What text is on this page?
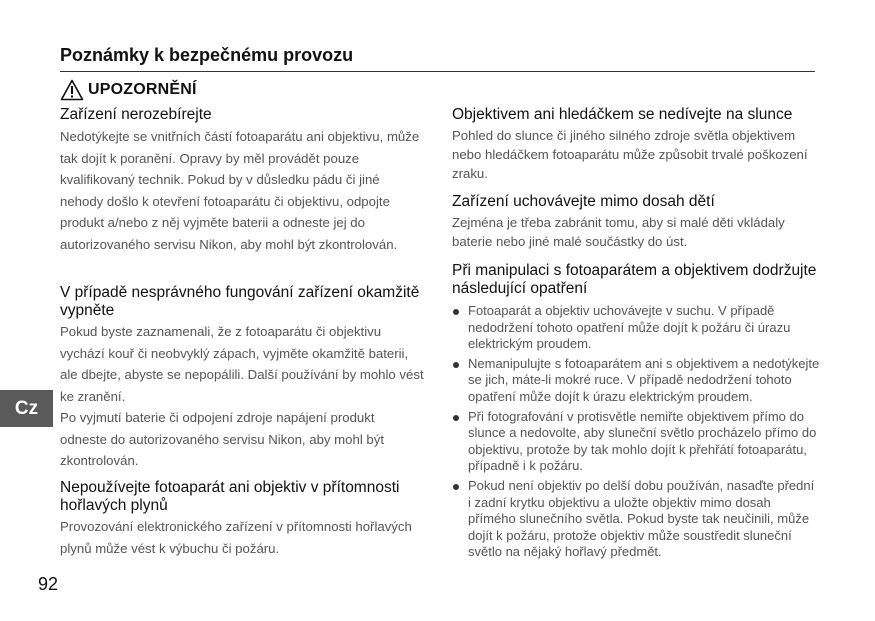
Poznámky k bezpečnému provozu
UPOZORNĚNÍ

Zařízení nerozebírejte

Nedotýkejte se vnitřních částí fotoaparátu ani objektivu, může tak dojít k poranění. Opravy by měl provádět pouze kvalifikovaný technik. Pokud by v důsledku pádu či jiné nehody došlo k otevření fotoaparátu či objektivu, odpojte produkt a/nebo z něj vyjměte baterii a odneste jej do autorizovaného servisu Nikon, aby mohl být zkontrolován.

V případě nesprávného fungování zařízení okamžitě vypněte

Pokud byste zaznamenali, že z fotoaparátu či objektivu vychází kouř či neobvyklý zápach, vyjměte okamžitě baterii, ale dbejte, abyste se nepopálili. Další používání by mohlo vést ke zranění.

Po vyjmutí baterie či odpojení zdroje napájení produkt odneste do autorizovaného servisu Nikon, aby mohl být zkontrolován.

Nepoužívejte fotoaparát ani objektiv v přítomnosti hořlavých plynů

Provozování elektronického zařízení v přítomnosti hořlavých plynů může vést k výbuchu či požáru.

Objektivem ani hledáčkem se nedívejte na slunce

Pohled do slunce či jiného silného zdroje světla objektivem nebo hledáčkem fotoaparátu může způsobit trvalé poškození zraku.

Zařízení uchovávejte mimo dosah dětí

Zejména je třeba zabránit tomu, aby si malé děti vkládaly baterie nebo jiné malé součástky do úst.

Při manipulaci s fotoaparátem a objektivem dodržujte následující opatření

Fotoaparát a objektiv uchovávejte v suchu. V případě nedodržení tohoto opatření může dojít k požáru či úrazu elektrickým proudem.
Nemanipulujte s fotoaparátem ani s objektivem a nedotýkejte se jich, máte-li mokré ruce. V případě nedodržení tohoto opatření může dojít k úrazu elektrickým proudem.
Při fotografování v protisvětle nemiřte objektivem přímo do slunce a nedovolte, aby sluneční světlo procházelo přímo do objektivu, protože by tak mohlo dojít k přehřátí fotoaparátu, případně i k požáru.
Pokud není objektiv po delší dobu používán, nasaďte přední i zadní krytku objektivu a uložte objektiv mimo dosah přímého slunečního světla. Pokud byste tak neučinili, může dojít k požáru, protože objektiv může soustředit sluneční světlo na nějaký hořlavý předmět.
Cz
92
